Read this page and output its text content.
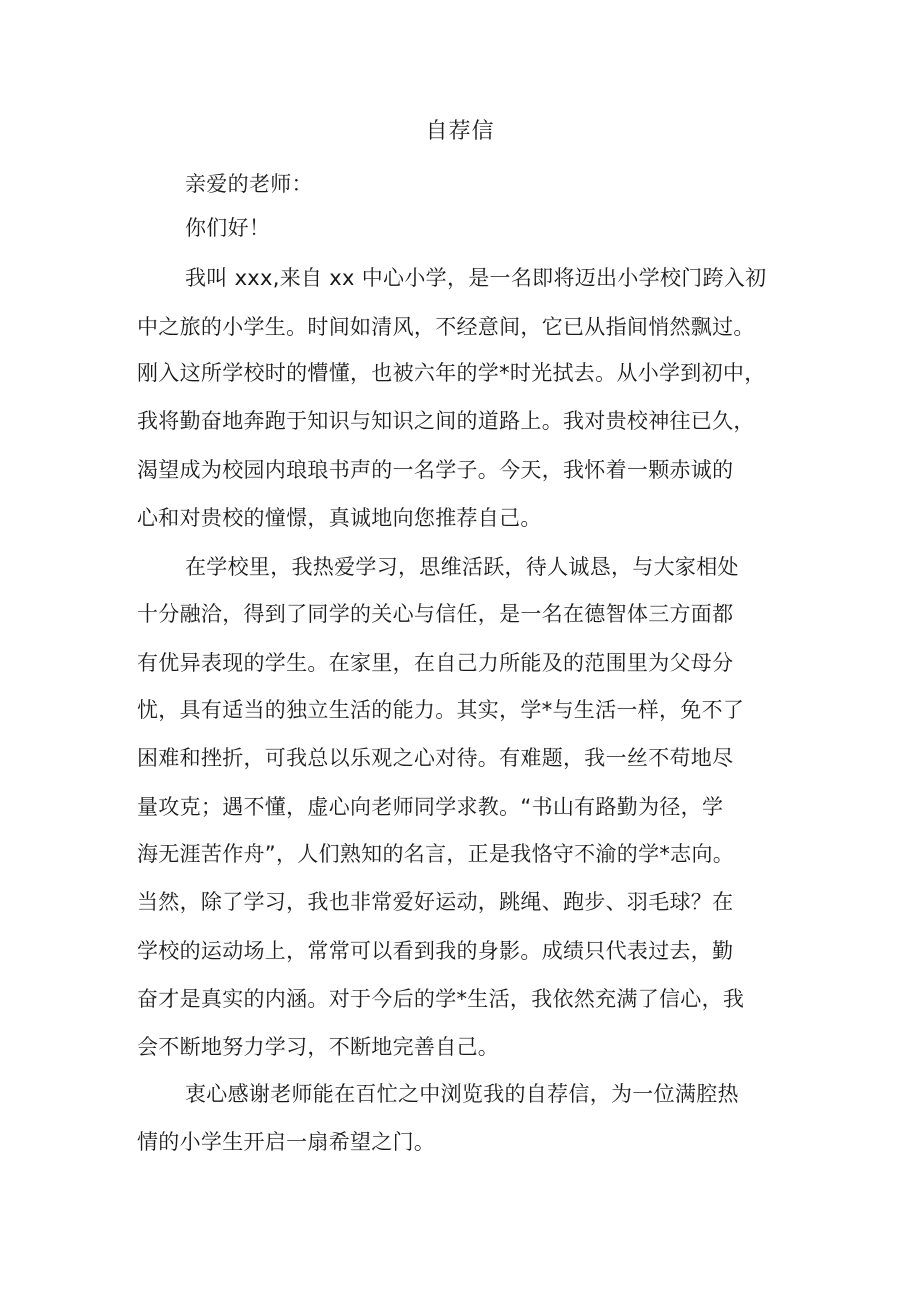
自荐信
亲爱的老师：
你们好！
我叫 xxx,来自 xx 中心小学，是一名即将迈出小学校门跨入初
中之旅的小学生。时间如清风，不经意间，它已从指间悄然飘过。
刚入这所学校时的懵懂，也被六年的学*时光拭去。从小学到初中，
我将勤奋地奔跑于知识与知识之间的道路上。我对贵校神往已久，
渴望成为校园内琅琅书声的一名学子。今天，我怀着一颗赤诚的
心和对贵校的憧憬，真诚地向您推荐自己。
在学校里，我热爱学习，思维活跃，待人诚恳，与大家相处
十分融洽，得到了同学的关心与信任，是一名在德智体三方面都
有优异表现的学生。在家里，在自己力所能及的范围里为父母分
忧，具有适当的独立生活的能力。其实，学*与生活一样，免不了
困难和挫折，可我总以乐观之心对待。有难题，我一丝不苟地尽
量攻克；遇不懂，虚心向老师同学求教。“书山有路勤为径，学
海无涯苦作舟”，人们熟知的名言，正是我恪守不渝的学*志向。
当然，除了学习，我也非常爱好运动，跳绳、跑步、羽毛球？在
学校的运动场上，常常可以看到我的身影。成绩只代表过去，勤
奋才是真实的内涵。对于今后的学*生活，我依然充满了信心，我
会不断地努力学习，不断地完善自己。
衷心感谢老师能在百忙之中浏览我的自荐信，为一位满腔热
情的小学生开启一扇希望之门。
